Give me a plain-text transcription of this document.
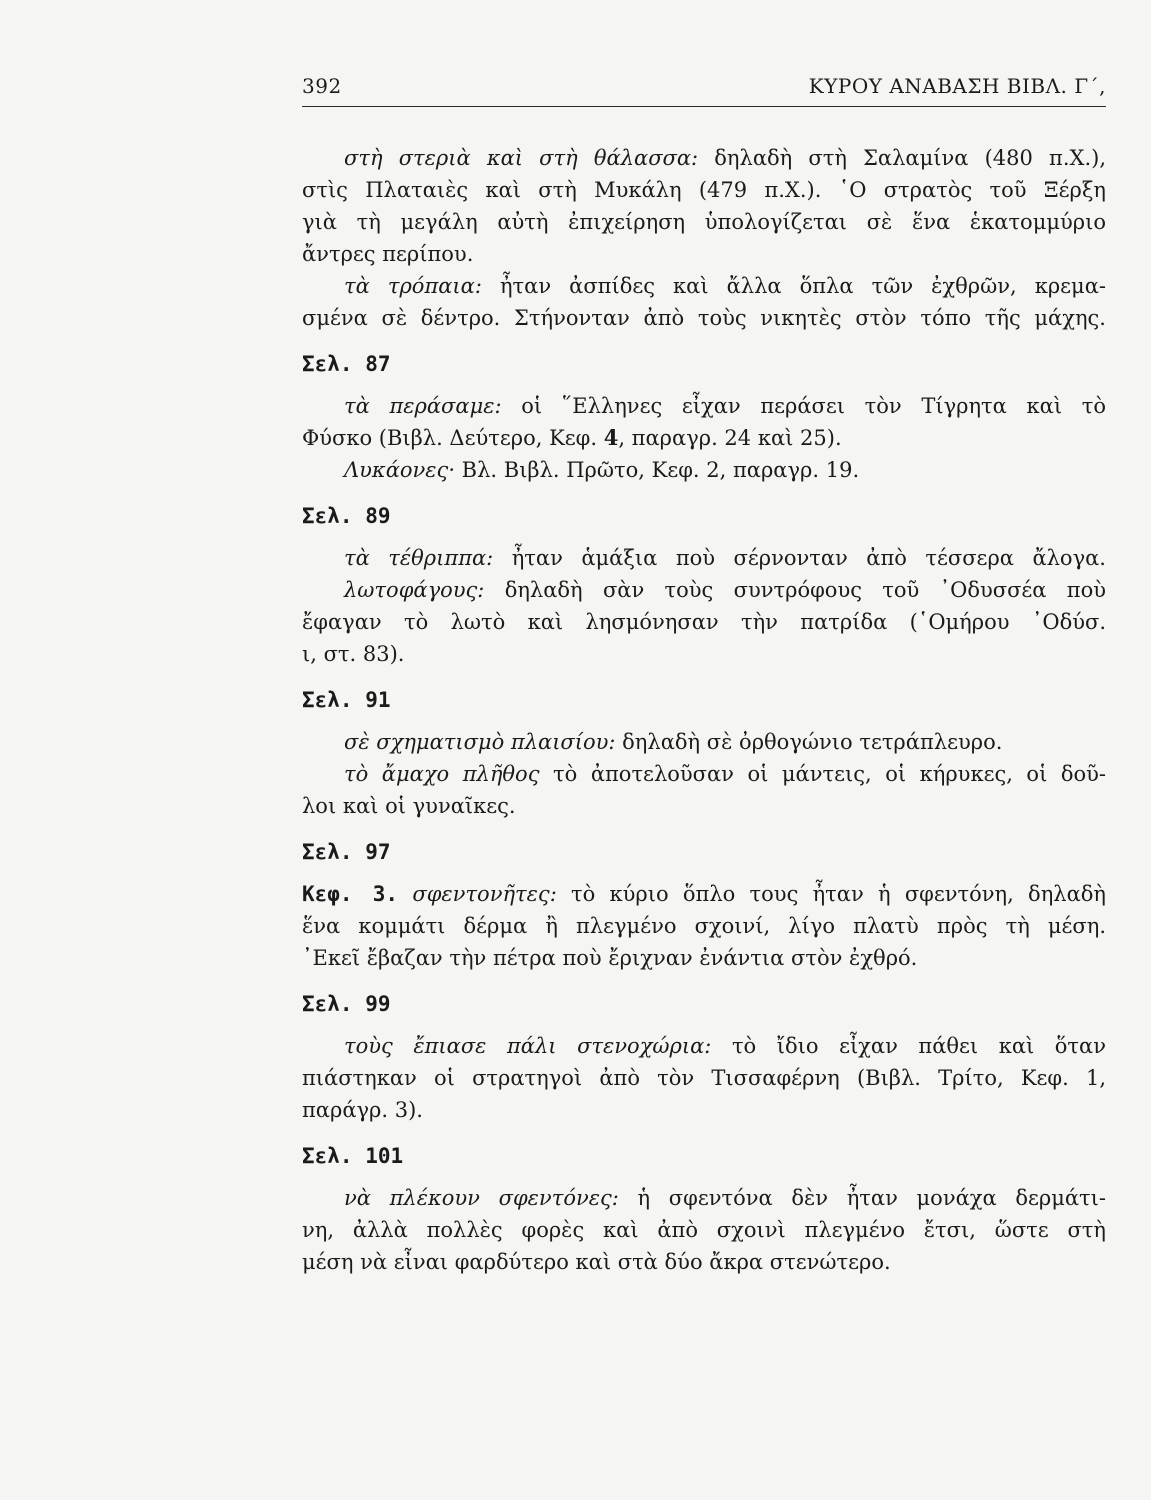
392	ΚΥΡΟΥ ΑΝΑΒΑΣΗ ΒΙΒΛ. Γ΄,
στὴ στεριὰ καὶ στὴ θάλασσα: δηλαδὴ στὴ Σαλαμίνα (480 π.Χ.),
στὶς Πλαταιὲς καὶ στὴ Μυκάλη (479 π.Χ.). ῾Ο στρατὸς τοῦ Ξέρξη
γιὰ τὴ μεγάλη αὐτὴ ἐπιχείρηση ὑπολογίζεται σὲ ἕνα ἑκατομμύριο
ἄντρες περίπου.
τὰ τρόπαια: ἦταν ἀσπίδες καὶ ἄλλα ὅπλα τῶν ἐχθρῶν, κρεμα-
σμένα σὲ δέντρο. Στήνονταν ἀπὸ τοὺς νικητὲς στὸν τόπο τῆς μάχης.
Σελ. 87
τὰ περάσαμε: οἱ ῞Ελληνες εἶχαν περάσει τὸν Τίγρητα καὶ τὸ
Φύσκο (Βιβλ. Δεύτερο, Κεφ. 4, παραγρ. 24 καὶ 25).
Λυκάονες· Βλ. Βιβλ. Πρῶτο, Κεφ. 2, παραγρ. 19.
Σελ. 89
τὰ τέθριππα: ἦταν ἁμάξια ποὺ σέρνονταν ἀπὸ τέσσερα ἄλογα.
λωτοφάγους: δηλαδὴ σὰν τοὺς συντρόφους τοῦ ᾽Οδυσσέα ποὺ
ἔφαγαν τὸ λωτὸ καὶ λησμόνησαν τὴν πατρίδα (῾Ομήρου ᾽Οδύσ.
ι, στ. 83).
Σελ. 91
σὲ σχηματισμὸ πλαισίου: δηλαδὴ σὲ ὀρθογώνιο τετράπλευρο.
τὸ ἄμαχο πλῆθος τὸ ἀποτελοῦσαν οἱ μάντεις, οἱ κήρυκες, οἱ δοῦ-
λοι καὶ οἱ γυναῖκες.
Σελ. 97
Κεφ. 3. σφεντονῆτες: τὸ κύριο ὅπλο τους ἦταν ἡ σφεντόνη, δηλαδὴ
ἕνα κομμάτι δέρμα ἢ πλεγμένο σχοινί, λίγο πλατὺ πρὸς τὴ μέση.
᾽Εκεῖ ἔβαζαν τὴν πέτρα ποὺ ἔριχναν ἐνάντια στὸν ἐχθρό.
Σελ. 99
τοὺς ἔπιασε πάλι στενοχώρια: τὸ ἴδιο εἶχαν πάθει καὶ ὅταν
πιάστηκαν οἱ στρατηγοὶ ἀπὸ τὸν Τισσαφέρνη (Βιβλ. Τρίτο, Κεφ. 1,
παράγρ. 3).
Σελ. 101
νὰ πλέκουν σφεντόνες: ἡ σφεντόνα δὲν ἦταν μονάχα δερμάτι-
νη, ἀλλὰ πολλὲς φορὲς καὶ ἀπὸ σχοινὶ πλεγμένο ἔτσι, ὥστε στὴ
μέση νὰ εἶναι φαρδύτερο καὶ στὰ δύο ἄκρα στενώτερο.
